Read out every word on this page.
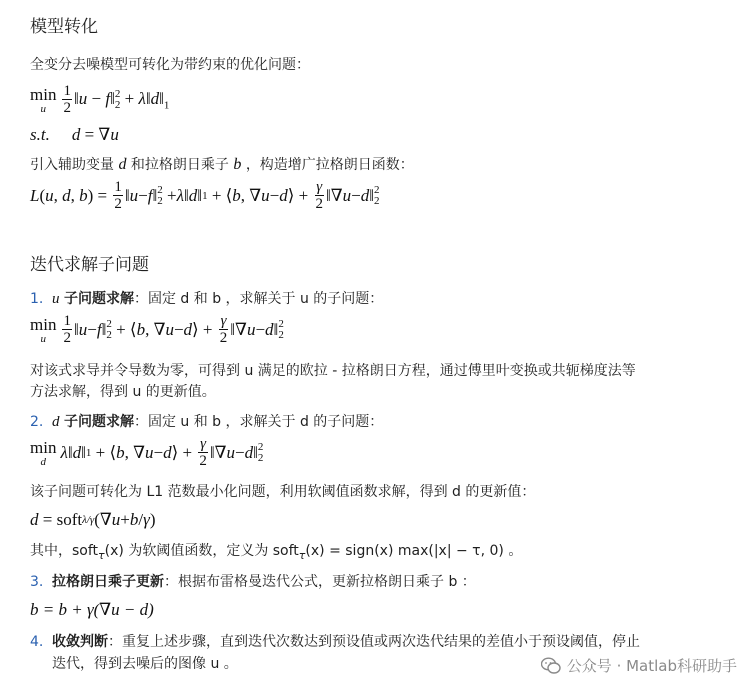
模型转化
全变分去噪模型可转化为带约束的优化问题：
min
u $\frac{1}{2}$ ‖u − f‖ 2
$2 + \lambda‖d‖_1$
s.t. d = ∇ u
引入辅助变量 d 和拉格朗日乘子 b ，构造增广拉格朗日函数：
L ( u , d , b ) = $\frac{1}{2}$ ‖ u − f ‖ 2
2 + λ ‖ d ‖ 1 + ⟨ b , ∇ u − d ⟩ + $\frac{\gamma}{2}$ ‖∇ u − d ‖ 2
2
迭代求解子问题
1. u 子问题求解：固定 d 和 b ，求解关于 u 的子问题：
min
u $\frac{1}{2}$ ‖ u − f ‖ 2
2 + ⟨ b , ∇ u − d ⟩ + $\frac{\gamma}{2}$ ‖∇ u − d ‖ 2
2
对该式求导并令导数为零，可得到 u 满足的欧拉 - 拉格朗日方程，通过傅里叶变换或共轭梯度法等
方法求解，得到 u 的更新值。
2. d 子问题求解：固定 u 和 b ，求解关于 d 的子问题：
min
d λ ‖ d ‖ 1 + ⟨ b , ∇ u − d ⟩ + $\frac{\gamma}{2}$ ‖∇ u − d ‖ 2
2
该子问题可转化为 L1 范数最小化问题，利用软阈值函数求解，得到 d 的更新值：
d = soft λ/γ (∇ u + b / γ )
其中，soft$_\tau$(x) 为软阈值函数，定义为 soft$_\tau$(x) = sign(x) max(|x| − τ, 0) 。
3. 拉格朗日乘子更新：根据布雷格曼迭代公式，更新拉格朗日乘子 b ：
b = b + γ(∇u − d)
4. 收敛判断：重复上述步骤，直到迭代次数达到预设值或两次迭代结果的差值小于预设阈值，停止
迭代，得到去噪后的图像 u 。	公众号 · Matlab科研助手
